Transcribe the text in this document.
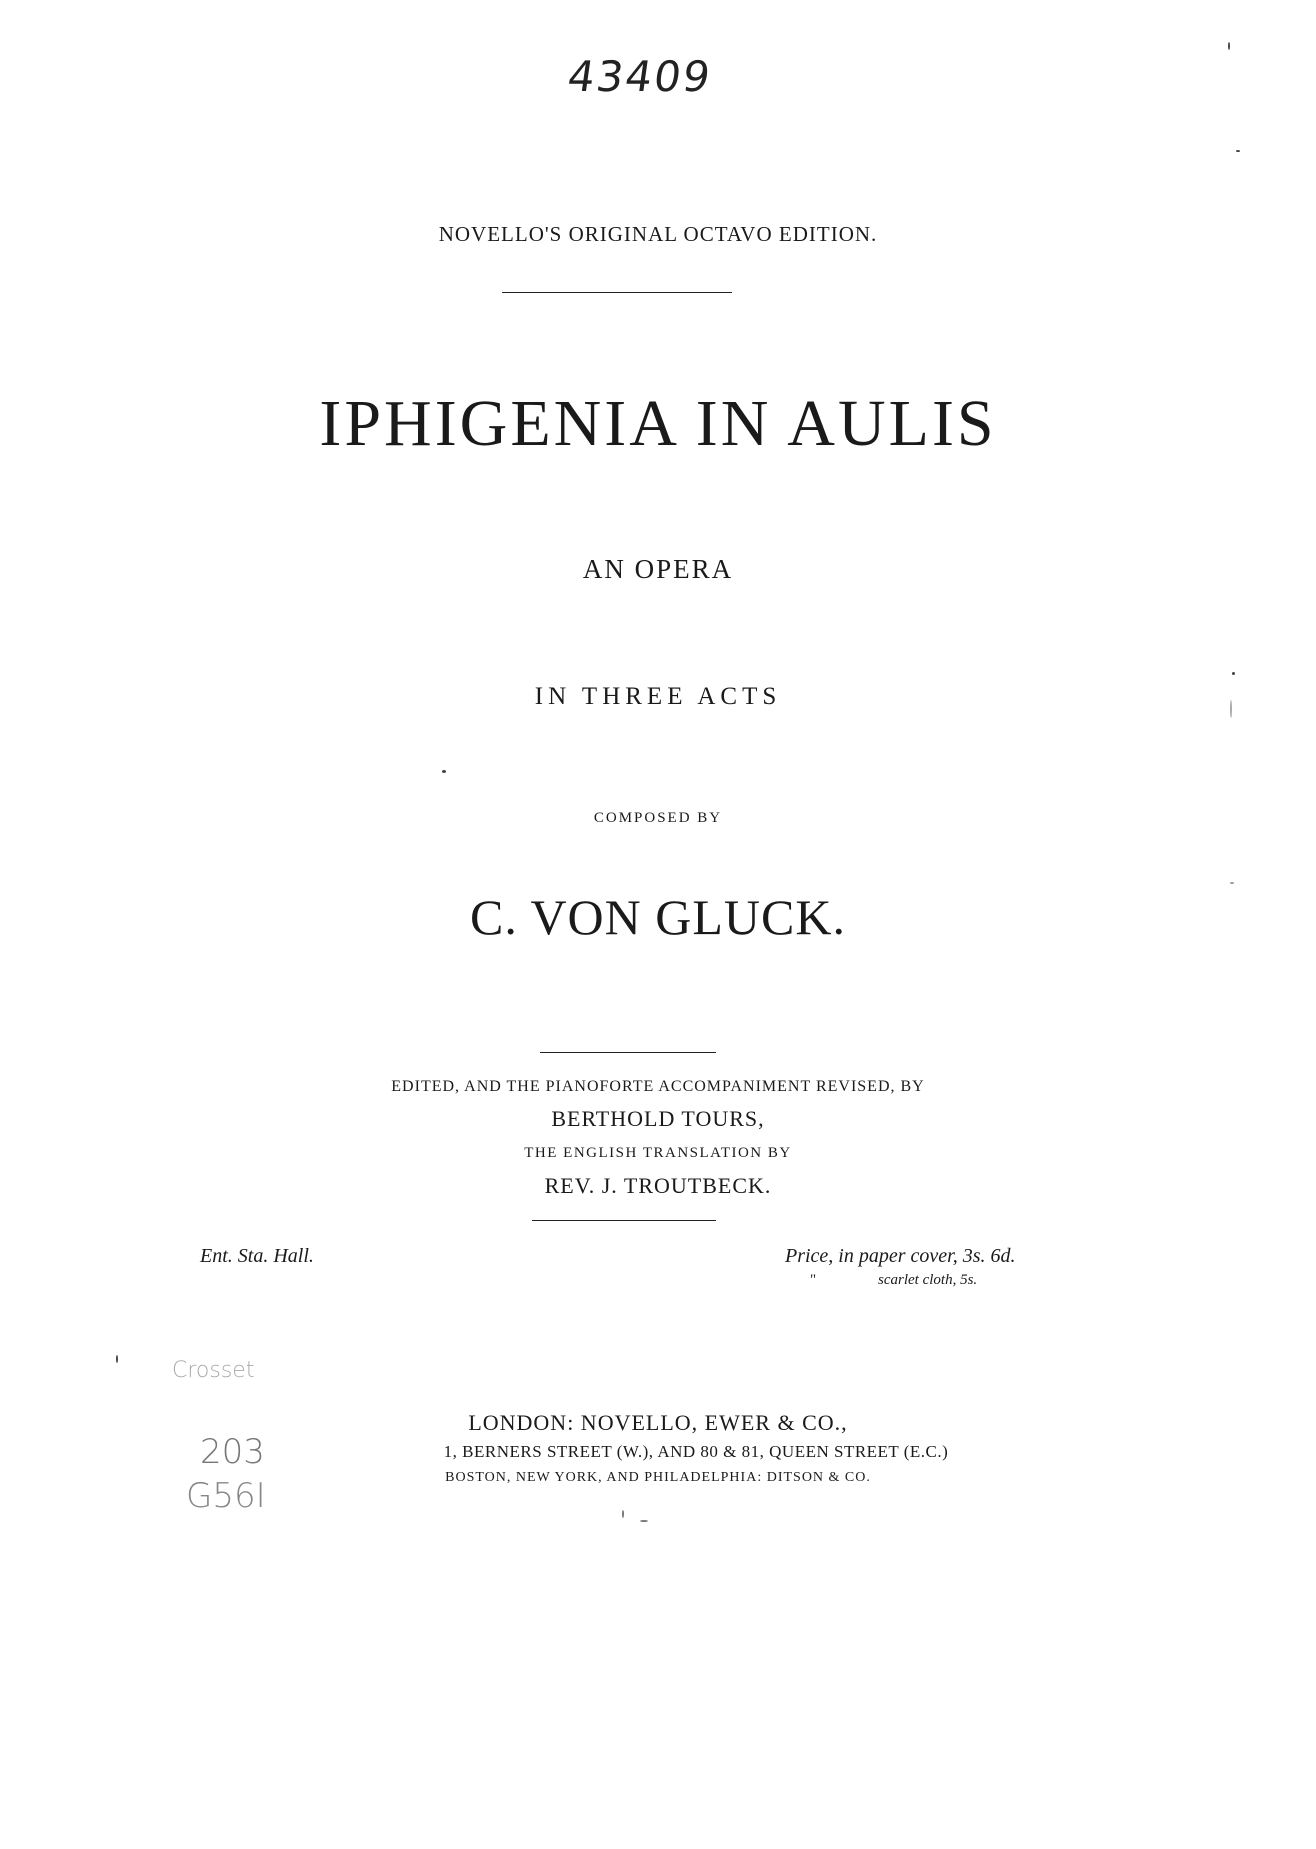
43409
NOVELLO'S ORIGINAL OCTAVO EDITION.
IPHIGENIA IN AULIS
AN OPERA
IN THREE ACTS
COMPOSED BY
C. VON GLUCK.
EDITED, AND THE PIANOFORTE ACCOMPANIMENT REVISED, BY
BERTHOLD TOURS,
THE ENGLISH TRANSLATION BY
REV. J. TROUTBECK.
Ent. Sta. Hall.	Price, in paper cover, 3s. 6d.
"	scarlet cloth, 5s.
LONDON: NOVELLO, EWER & CO.,
1, BERNERS STREET (W.), AND 80 & 81, QUEEN STREET (E.C.)
BOSTON, NEW YORK, AND PHILADELPHIA: DITSON & CO.
Crosset
203
G56I
